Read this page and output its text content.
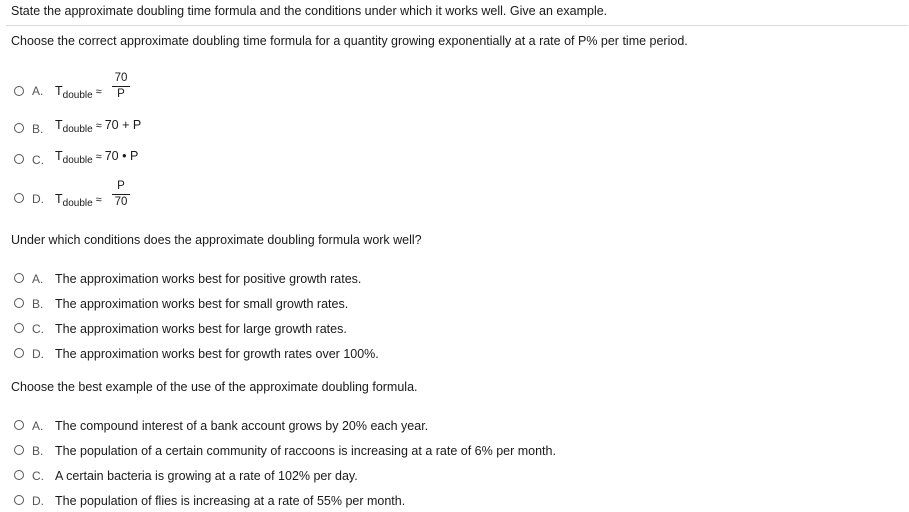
State the approximate doubling time formula and the conditions under which it works well. Give an example.
Choose the correct approximate doubling time formula for a quantity growing exponentially at a rate of P% per time period.
A. $T_{double}$ ≈
70
P
B. $T_{double} \approx 70 + P$
C. $T_{double} \approx 70$ • P
D. $T_{double}$ ≈
P
70
Under which conditions does the approximate doubling formula work well?
A. The approximation works best for positive growth rates.
B. The approximation works best for small growth rates.
C. The approximation works best for large growth rates.
D. The approximation works best for growth rates over 100%.
Choose the best example of the use of the approximate doubling formula.
A. The compound interest of a bank account grows by 20% each year.
B. The population of a certain community of raccoons is increasing at a rate of 6% per month.
C. A certain bacteria is growing at a rate of 102% per day.
D. The population of flies is increasing at a rate of 55% per month.
